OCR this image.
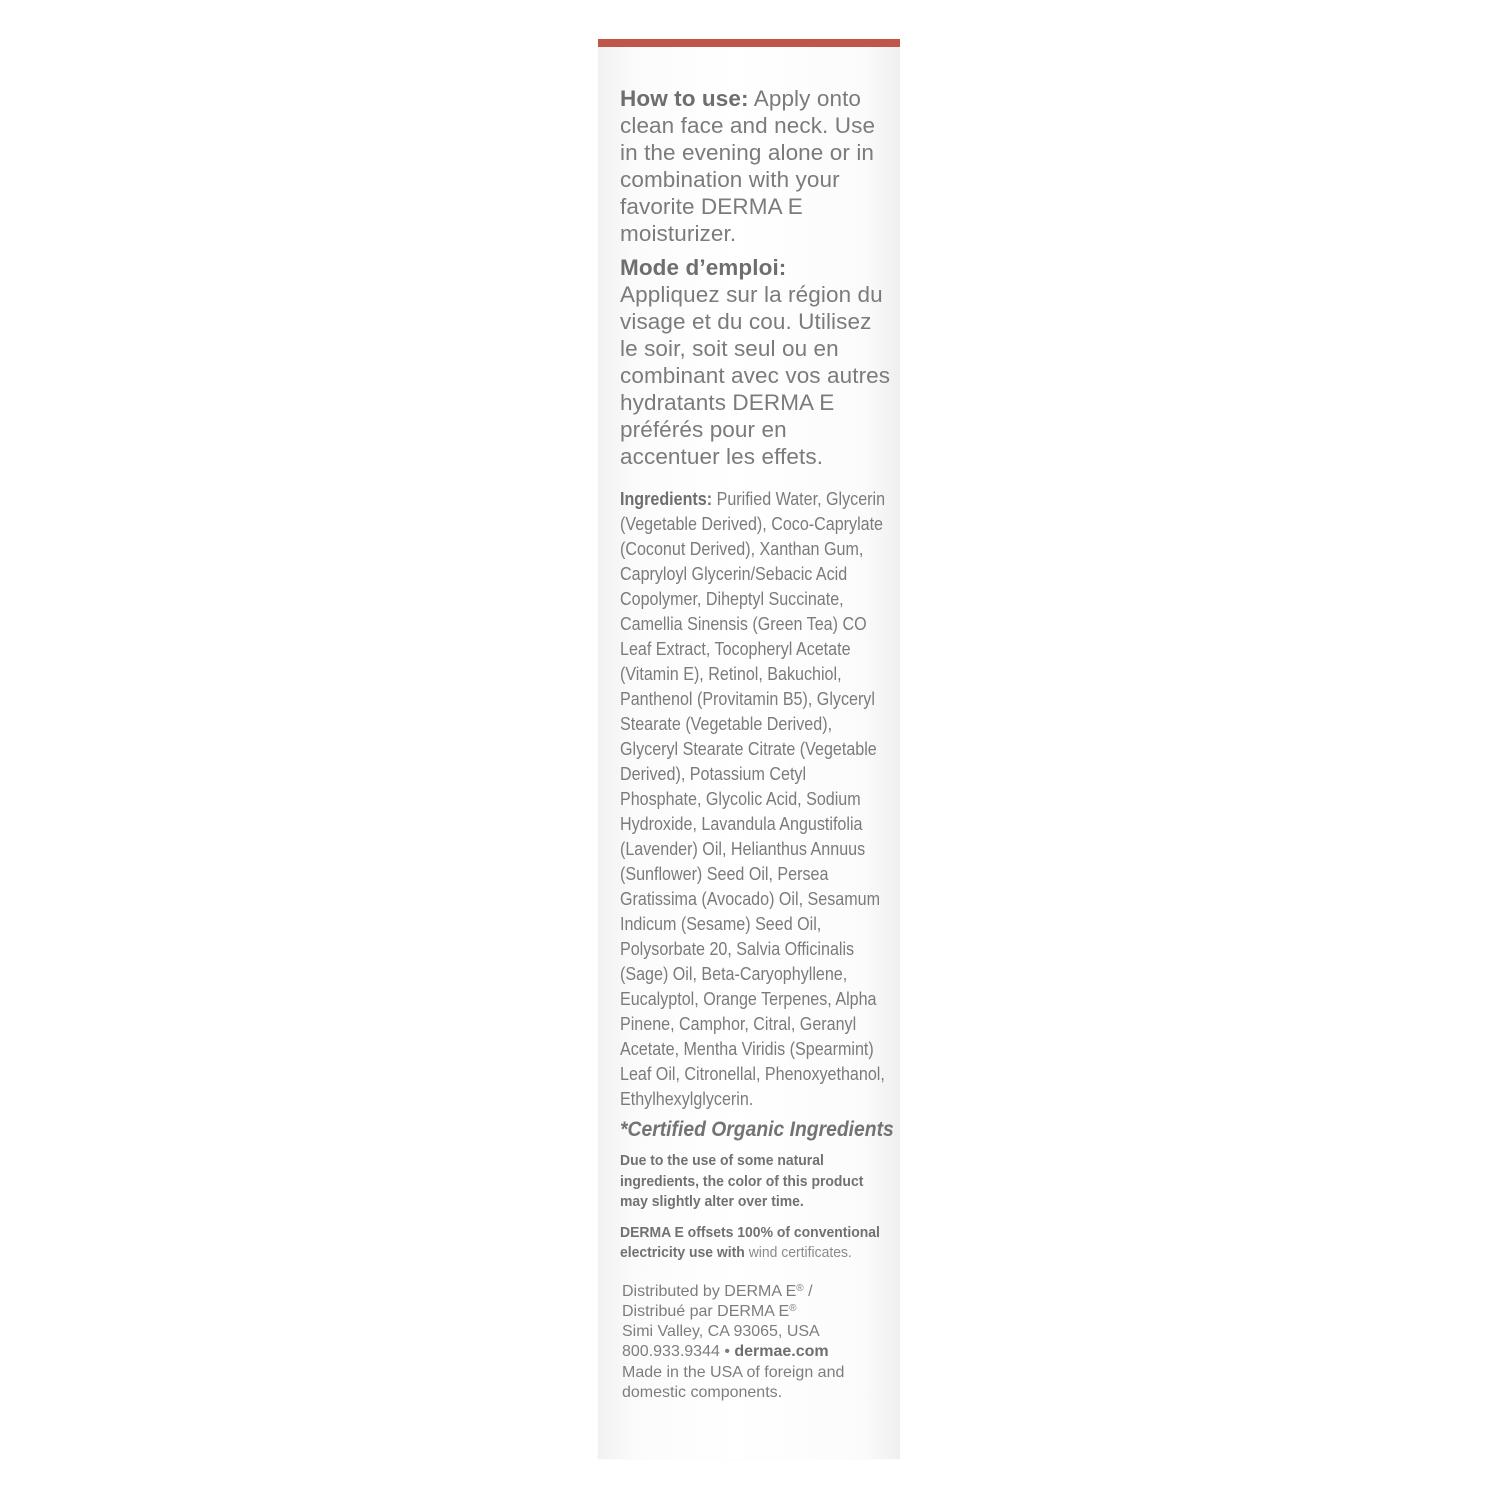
How to use: Apply onto clean face and neck. Use in the evening alone or in combination with your favorite DERMA E moisturizer.

Mode d’emploi:
Appliquez sur la région du visage et du cou. Utilisez le soir, soit seul ou en combinant avec vos autres hydratants DERMA E préférés pour en accentuer les effets.

Ingredients: Purified Water, Glycerin (Vegetable Derived), Coco-Caprylate (Coconut Derived), Xanthan Gum, Capryloyl Glycerin/Sebacic Acid Copolymer, Diheptyl Succinate, Camellia Sinensis (Green Tea) CO Leaf Extract, Tocopheryl Acetate (Vitamin E), Retinol, Bakuchiol, Panthenol (Provitamin B5), Glyceryl Stearate (Vegetable Derived), Glyceryl Stearate Citrate (Vegetable Derived), Potassium Cetyl Phosphate, Glycolic Acid, Sodium Hydroxide, Lavandula Angustifolia (Lavender) Oil, Helianthus Annuus (Sunflower) Seed Oil, Persea Gratissima (Avocado) Oil, Sesamum Indicum (Sesame) Seed Oil, Polysorbate 20, Salvia Officinalis (Sage) Oil, Beta-Caryophyllene, Eucalyptol, Orange Terpenes, Alpha Pinene, Camphor, Citral, Geranyl Acetate, Mentha Viridis (Spearmint) Leaf Oil, Citronellal, Phenoxyethanol, Ethylhexylglycerin.

*Certified Organic Ingredients

Due to the use of some natural ingredients, the color of this product may slightly alter over time.

DERMA E offsets 100% of conventional electricity use with wind certificates.

Distributed by DERMA E® /
Distribué par DERMA E®
Simi Valley, CA 93065, USA
800.933.9344 • dermae.com
Made in the USA of foreign and domestic components.
